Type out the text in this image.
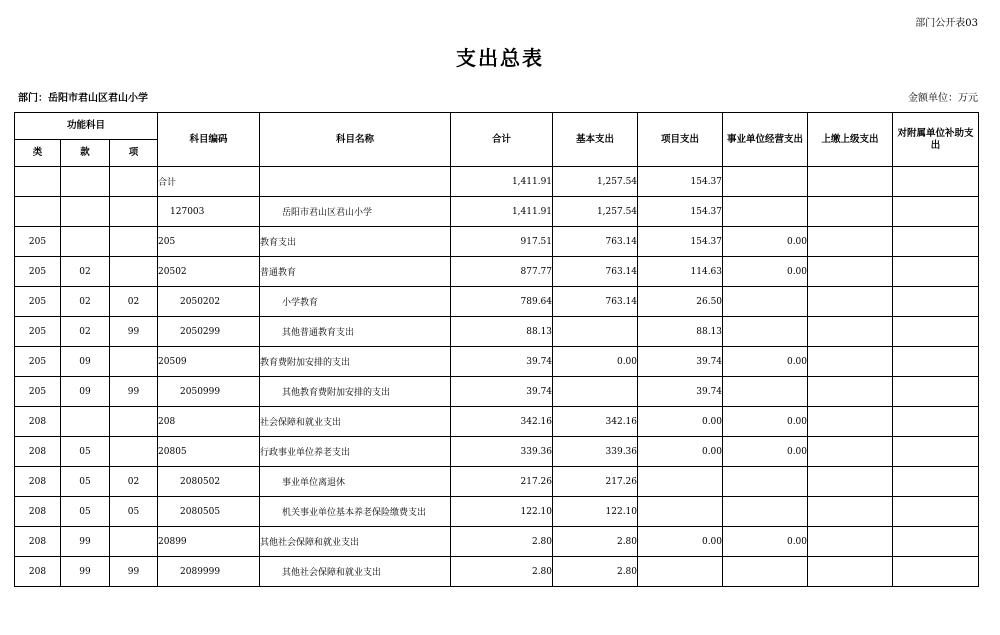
部门公开表03
支出总表
部门：岳阳市君山区君山小学	金额单位：万元
功能科目			科目编码	科目名称	合计	基本支出	项目支出	事业单位经营支出	上缴上级支出	对附属单位补助支出
类	款	项								
			合计		1,411.91	1,257.54	154.37			
			127003	岳阳市君山区君山小学	1,411.91	1,257.54	154.37			
205			205	教育支出	917.51	763.14	154.37	0.00		
205	02		20502	普通教育	877.77	763.14	114.63	0.00		
205	02	02	2050202	小学教育	789.64	763.14	26.50			
205	02	99	2050299	其他普通教育支出	88.13		88.13			
205	09		20509	教育费附加安排的支出	39.74	0.00	39.74	0.00		
205	09	99	2050999	其他教育费附加安排的支出	39.74		39.74			
208			208	社会保障和就业支出	342.16	342.16	0.00	0.00		
208	05		20805	行政事业单位养老支出	339.36	339.36	0.00	0.00		
208	05	02	2080502	事业单位离退休	217.26	217.26				
208	05	05	2080505	机关事业单位基本养老保险缴费支出	122.10	122.10				
208	99		20899	其他社会保障和就业支出	2.80	2.80	0.00	0.00		
208	99	99	2089999	其他社会保障和就业支出	2.80	2.80				
